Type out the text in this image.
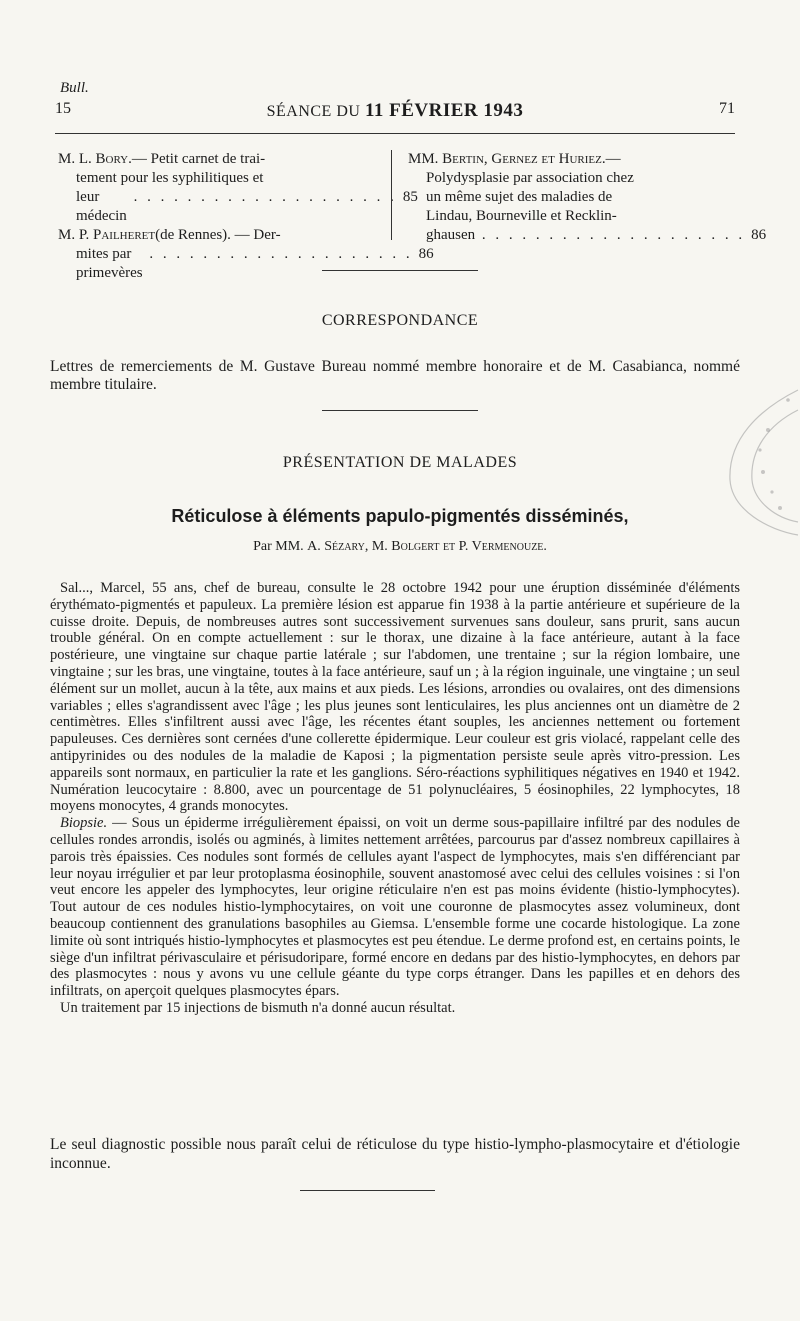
Bull.
15	SÉANCE DU 11 FÉVRIER 1943	71
M. L. Bory. — Petit carnet de trai-
tement pour les syphilitiques et
leur médecin
. . . . . . . . . . . . . . . . . . . . 85
M. P. Pailheret (de Rennes). — Der-
mites par primevères
. . . . . . . . . . . . . . . . . . . . 86
MM. Bertin, Gernez et Huriez. —
Polydysplasie par association chez
un même sujet des maladies de
Lindau, Bourneville et Recklin-
ghausen . . . . . . . . . . . . . . . . . . . . 86
CORRESPONDANCE
Lettres de remerciements de M. Gustave Bureau nommé membre honoraire et de M. Casabianca, nommé membre titulaire.
PRÉSENTATION DE MALADES
Réticulose à éléments papulo-pigmentés disséminés,
Par MM. A. Sézary, M. Bolgert et P. Vermenouze.

Sal..., Marcel, 55 ans, chef de bureau, consulte le 28 octobre 1942 pour une éruption disséminée d'éléments érythémato-pigmentés et papuleux. La première lésion est apparue fin 1938 à la partie antérieure et supérieure de la cuisse droite. Depuis, de nombreuses autres sont successivement survenues sans douleur, sans prurit, sans aucun trouble général. On en compte actuellement : sur le thorax, une dizaine à la face antérieure, autant à la face postérieure, une vingtaine sur chaque partie latérale ; sur l'abdomen, une trentaine ; sur la région lombaire, une vingtaine ; sur les bras, une vingtaine, toutes à la face antérieure, sauf un ; à la région inguinale, une vingtaine ; un seul élément sur un mollet, aucun à la tête, aux mains et aux pieds. Les lésions, arrondies ou ovalaires, ont des dimensions variables ; elles s'agrandissent avec l'âge ; les plus jeunes sont lenticulaires, les plus anciennes ont un diamètre de 2 centimètres. Elles s'infiltrent aussi avec l'âge, les récentes étant souples, les anciennes nettement ou fortement papuleuses. Ces dernières sont cernées d'une collerette épidermique. Leur couleur est gris violacé, rappelant celle des antipyrinides ou des nodules de la maladie de Kaposi ; la pigmentation persiste seule après vitro-pression. Les appareils sont normaux, en particulier la rate et les ganglions. Séro-réactions syphilitiques négatives en 1940 et 1942. Numération leucocytaire : 8.800, avec un pourcentage de 51 polynucléaires, 5 éosinophiles, 22 lymphocytes, 18 moyens monocytes, 4 grands monocytes.

Biopsie. — Sous un épiderme irrégulièrement épaissi, on voit un derme sous-papillaire infiltré par des nodules de cellules rondes arrondis, isolés ou agminés, à limites nettement arrêtées, parcourus par d'assez nombreux capillaires à parois très épaissies. Ces nodules sont formés de cellules ayant l'aspect de lymphocytes, mais s'en différenciant par leur noyau irrégulier et par leur protoplasma éosinophile, souvent anastomosé avec celui des cellules voisines : si l'on veut encore les appeler des lymphocytes, leur origine réticulaire n'en est pas moins évidente (histio-lymphocytes). Tout autour de ces nodules histio-lymphocytaires, on voit une couronne de plasmocytes assez volumineux, dont beaucoup contiennent des granulations basophiles au Giemsa. L'ensemble forme une cocarde histologique. La zone limite où sont intriqués histio-lymphocytes et plasmocytes est peu étendue. Le derme profond est, en certains points, le siège d'un infiltrat périvasculaire et périsudoripare, formé encore en dedans par des histio-lymphocytes, en dehors par des plasmocytes : nous y avons vu une cellule géante du type corps étranger. Dans les papilles et en dehors des infiltrats, on aperçoit quelques plasmocytes épars.

Un traitement par 15 injections de bismuth n'a donné aucun résultat.

Le seul diagnostic possible nous paraît celui de réticulose du type histio-lympho-plasmocytaire et d'étiologie inconnue.
